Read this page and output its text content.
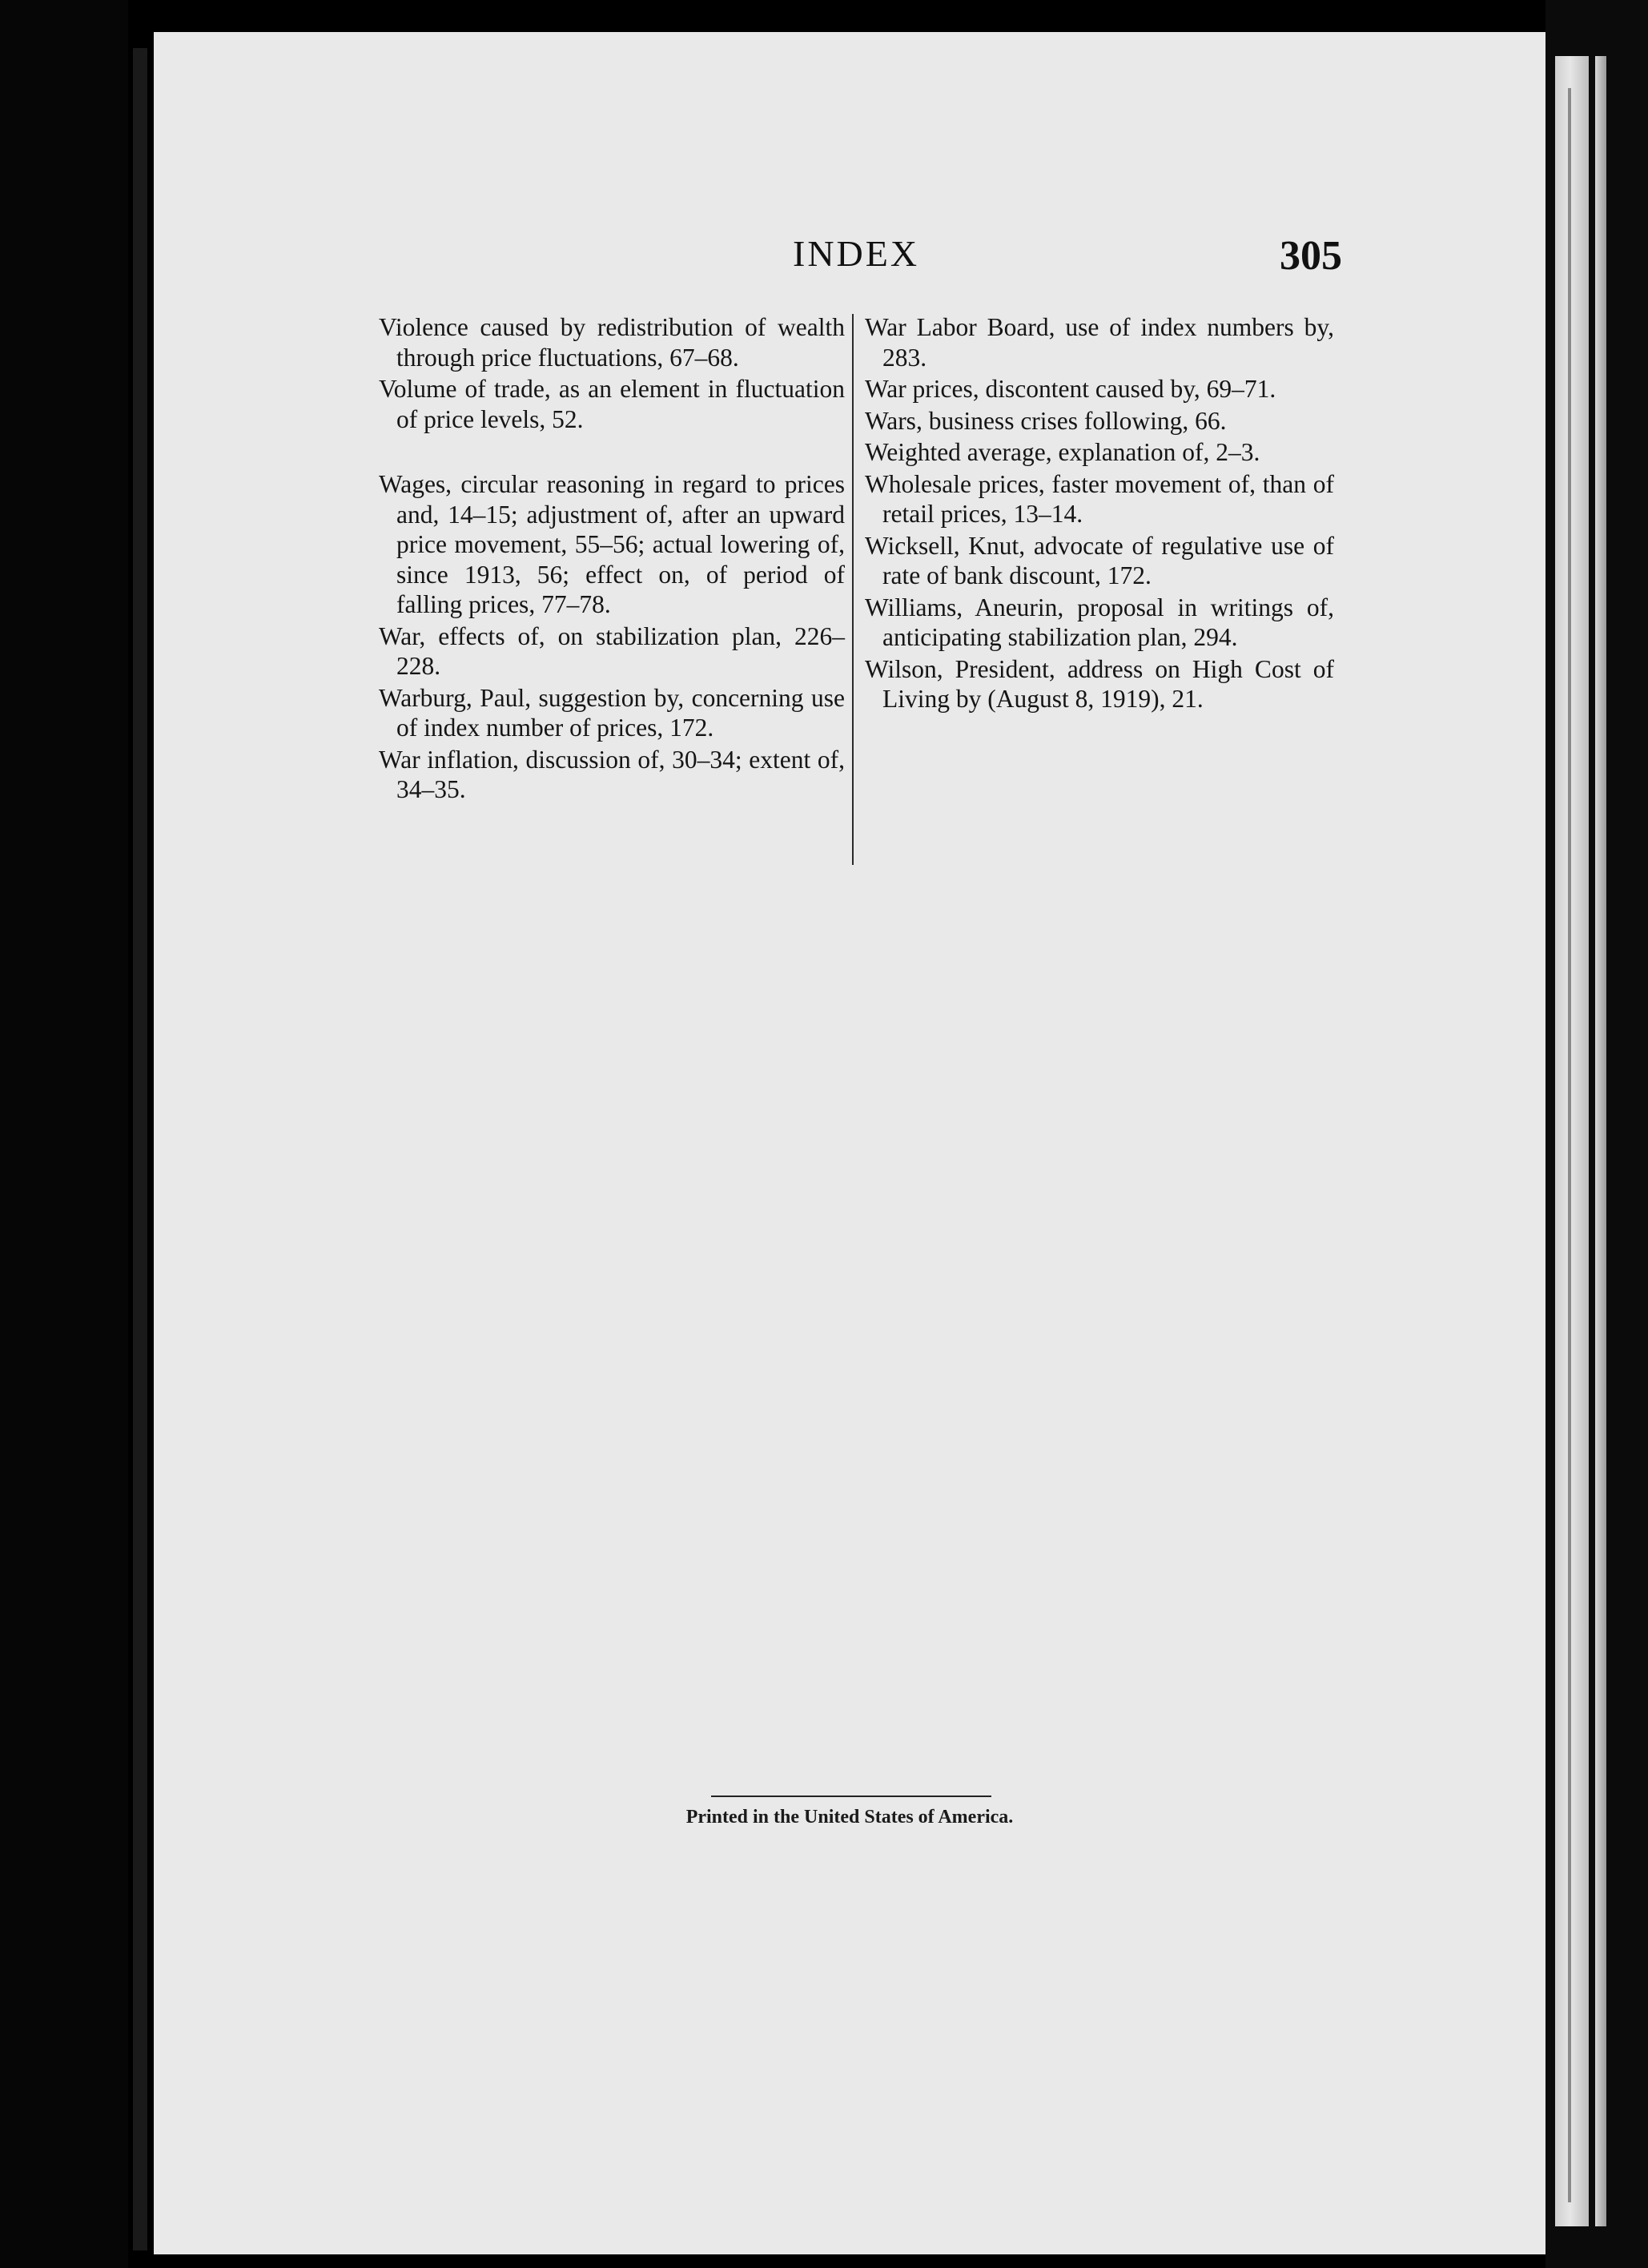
INDEX	305

Violence caused by redistribution of wealth through price fluctuations, 67–68.

Volume of trade, as an element in fluctuation of price levels, 52.

Wages, circular reasoning in regard to prices and, 14–15; adjustment of, after an upward price movement, 55–56; actual lowering of, since 1913, 56; effect on, of period of falling prices, 77–78.

War, effects of, on stabilization plan, 226–228.

Warburg, Paul, suggestion by, concerning use of index number of prices, 172.

War inflation, discussion of, 30–34; extent of, 34–35.

War Labor Board, use of index numbers by, 283.

War prices, discontent caused by, 69–71.

Wars, business crises following, 66.

Weighted average, explanation of, 2–3.

Wholesale prices, faster movement of, than of retail prices, 13–14.

Wicksell, Knut, advocate of regulative use of rate of bank discount, 172.

Williams, Aneurin, proposal in writings of, anticipating stabilization plan, 294.

Wilson, President, address on High Cost of Living by (August 8, 1919), 21.

Printed in the United States of America.
